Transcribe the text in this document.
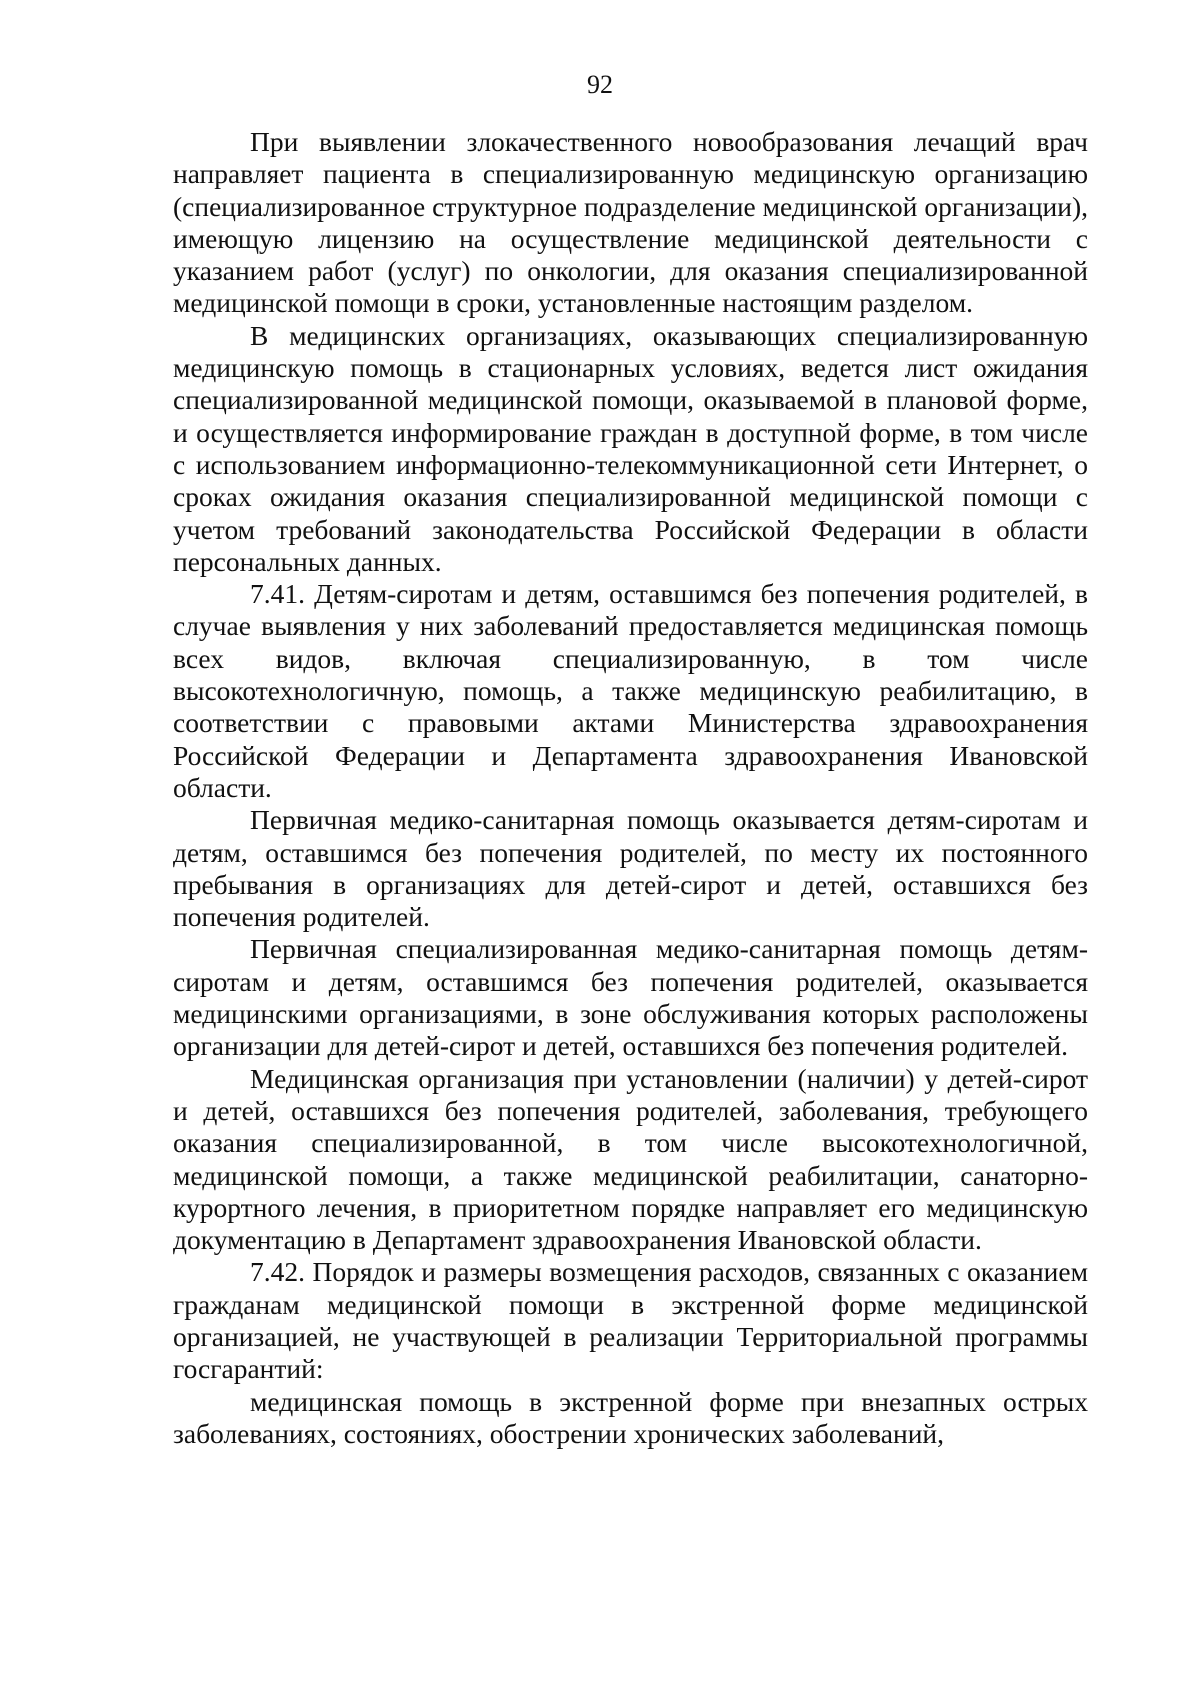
92

При выявлении злокачественного новообразования лечащий врач направляет пациента в специализированную медицинскую организацию (специализированное структурное подразделение медицинской организации), имеющую лицензию на осуществление медицинской деятельности с указанием работ (услуг) по онкологии, для оказания специализированной медицинской помощи в сроки, установленные настоящим разделом.

В медицинских организациях, оказывающих специализированную медицинскую помощь в стационарных условиях, ведется лист ожидания специализированной медицинской помощи, оказываемой в плановой форме, и осуществляется информирование граждан в доступной форме, в том числе с использованием информационно-телекоммуникационной сети Интернет, о сроках ожидания оказания специализированной медицинской помощи с учетом требований законодательства Российской Федерации в области персональных данных.

7.41. Детям-сиротам и детям, оставшимся без попечения родителей, в случае выявления у них заболеваний предоставляется медицинская помощь всех видов, включая специализированную, в том числе высокотехнологичную, помощь, а также медицинскую реабилитацию, в соответствии с правовыми актами Министерства здравоохранения Российской Федерации и Департамента здравоохранения Ивановской области.

Первичная медико-санитарная помощь оказывается детям-сиротам и детям, оставшимся без попечения родителей, по месту их постоянного пребывания в организациях для детей-сирот и детей, оставшихся без попечения родителей.

Первичная специализированная медико-санитарная помощь детям-сиротам и детям, оставшимся без попечения родителей, оказывается медицинскими организациями, в зоне обслуживания которых расположены организации для детей-сирот и детей, оставшихся без попечения родителей.

Медицинская организация при установлении (наличии) у детей-сирот и детей, оставшихся без попечения родителей, заболевания, требующего оказания специализированной, в том числе высокотехнологичной, медицинской помощи, а также медицинской реабилитации, санаторно-курортного лечения, в приоритетном порядке направляет его медицинскую документацию в Департамент здравоохранения Ивановской области.

7.42. Порядок и размеры возмещения расходов, связанных с оказанием гражданам медицинской помощи в экстренной форме медицинской организацией, не участвующей в реализации Территориальной программы госгарантий:

медицинская помощь в экстренной форме при внезапных острых заболеваниях, состояниях, обострении хронических заболеваний,
